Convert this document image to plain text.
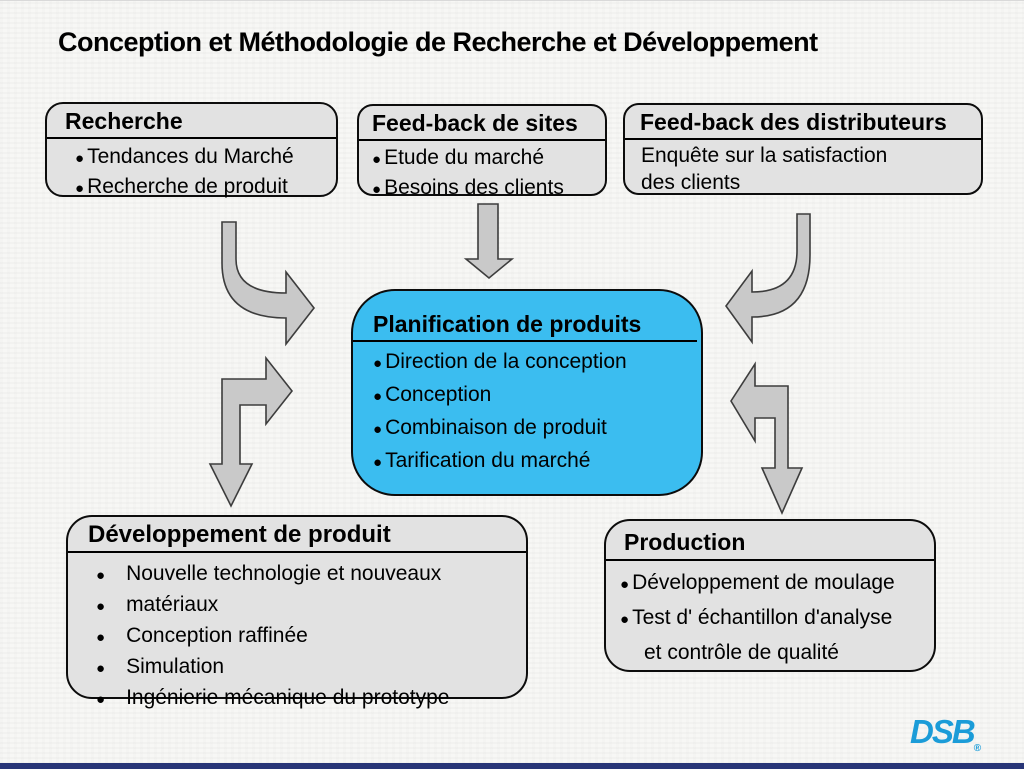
Conception et Méthodologie de Recherche et Développement
Recherche
● Tendances du Marché
● Recherche de produit
Feed-back de sites
● Etude du marché
● Besoins des clients
Feed-back des distributeurs
Enquête sur la satisfaction
des clients
Planification de produits
● Direction de la conception
● Conception
● Combinaison de produit
● Tarification du marché
Développement de produit
● Nouvelle technologie et nouveaux
● matériaux
● Conception raffinée
● Simulation
● Ingénierie mécanique du prototype
Production
● Développement de moulage
● Test d' échantillon d'analyse
et contrôle de qualité
DSB®
